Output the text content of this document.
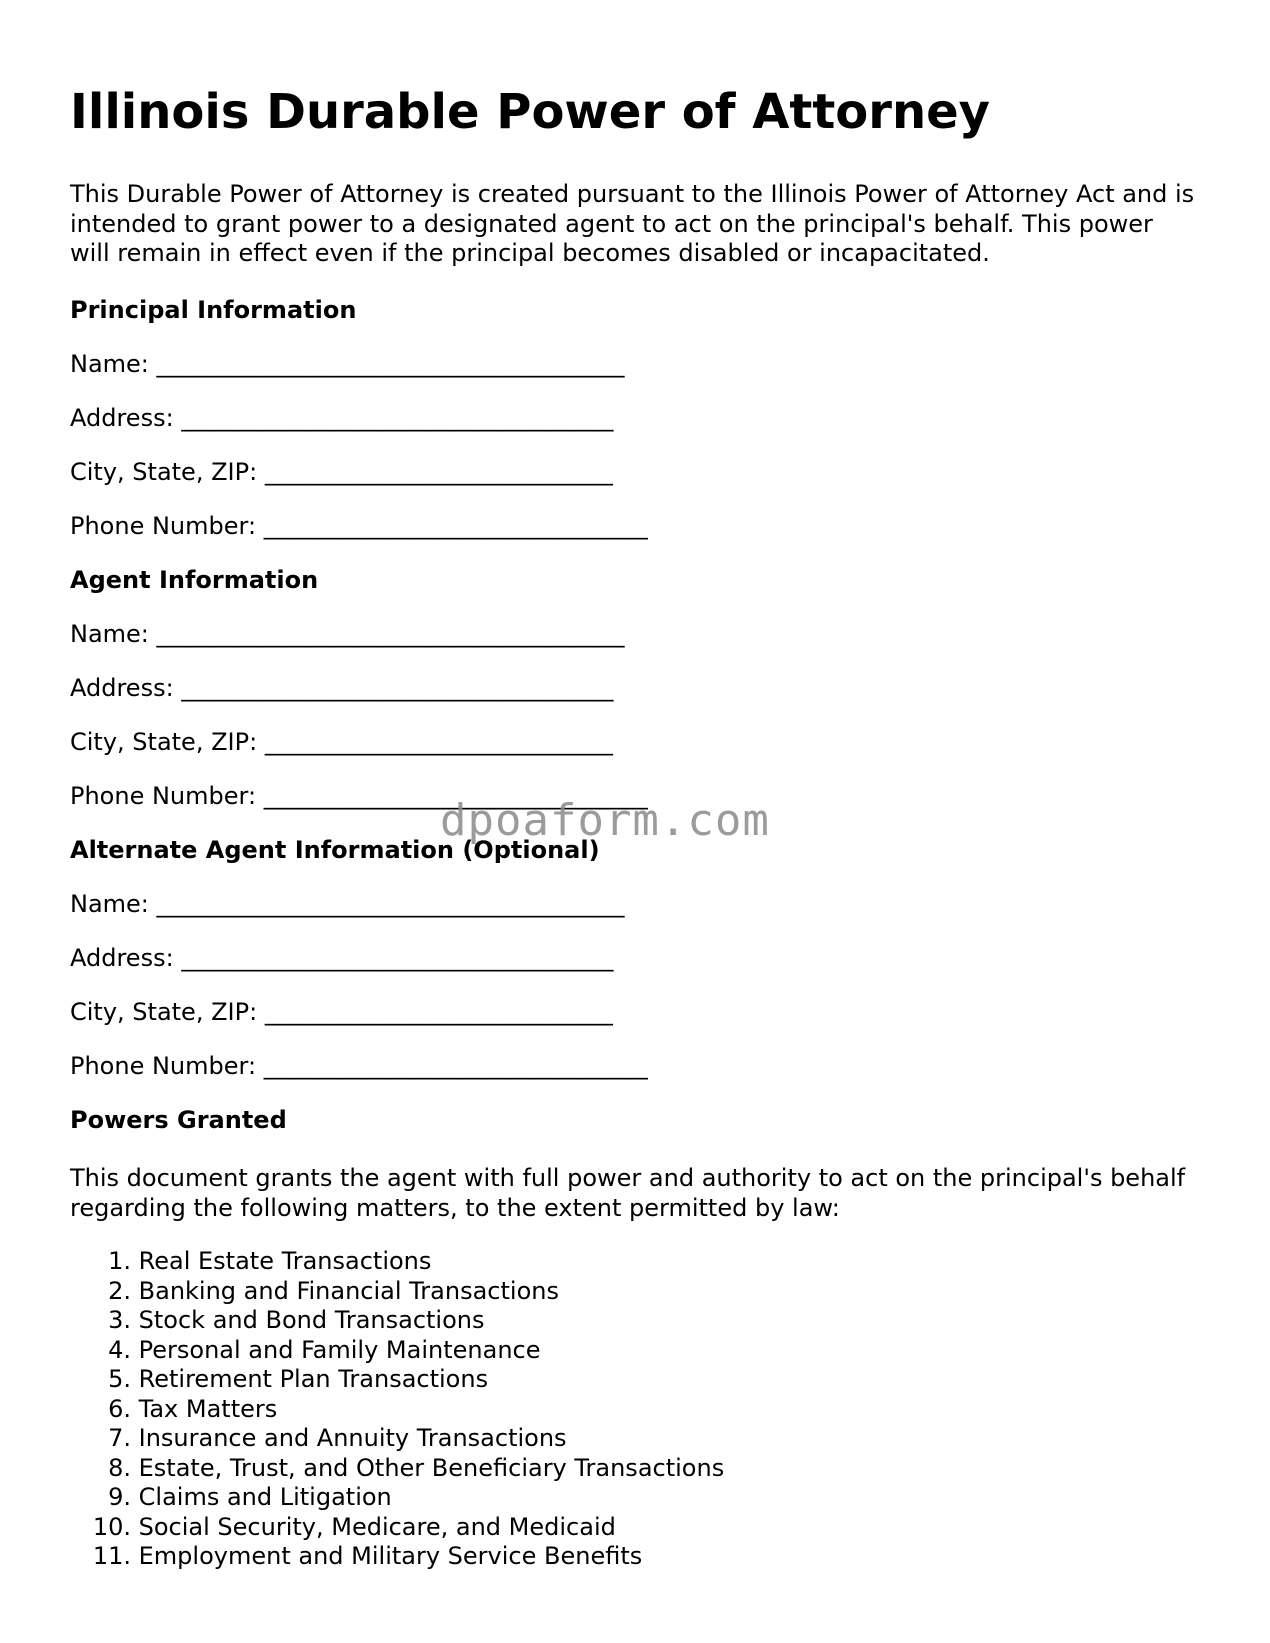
Illinois Durable Power of Attorney

This Durable Power of Attorney is created pursuant to the Illinois Power of Attorney Act and is intended to grant power to a designated agent to act on the principal's behalf. This power will remain in effect even if the principal becomes disabled or incapacitated.

Principal Information
Name: _______________________________________
Address: ____________________________________
City, State, ZIP: _____________________________
Phone Number: ________________________________
Agent Information
Name: _______________________________________
Address: ____________________________________
City, State, ZIP: _____________________________
Phone Number: ________________________________
Alternate Agent Information (Optional)
Name: _______________________________________
Address: ____________________________________
City, State, ZIP: _____________________________
Phone Number: ________________________________
Powers Granted

This document grants the agent with full power and authority to act on the principal's behalf regarding the following matters, to the extent permitted by law:

1. Real Estate Transactions
2. Banking and Financial Transactions
3. Stock and Bond Transactions
4. Personal and Family Maintenance
5. Retirement Plan Transactions
6. Tax Matters
7. Insurance and Annuity Transactions
8. Estate, Trust, and Other Beneficiary Transactions
9. Claims and Litigation
10. Social Security, Medicare, and Medicaid
11. Employment and Military Service Benefits
dpoaform.com
